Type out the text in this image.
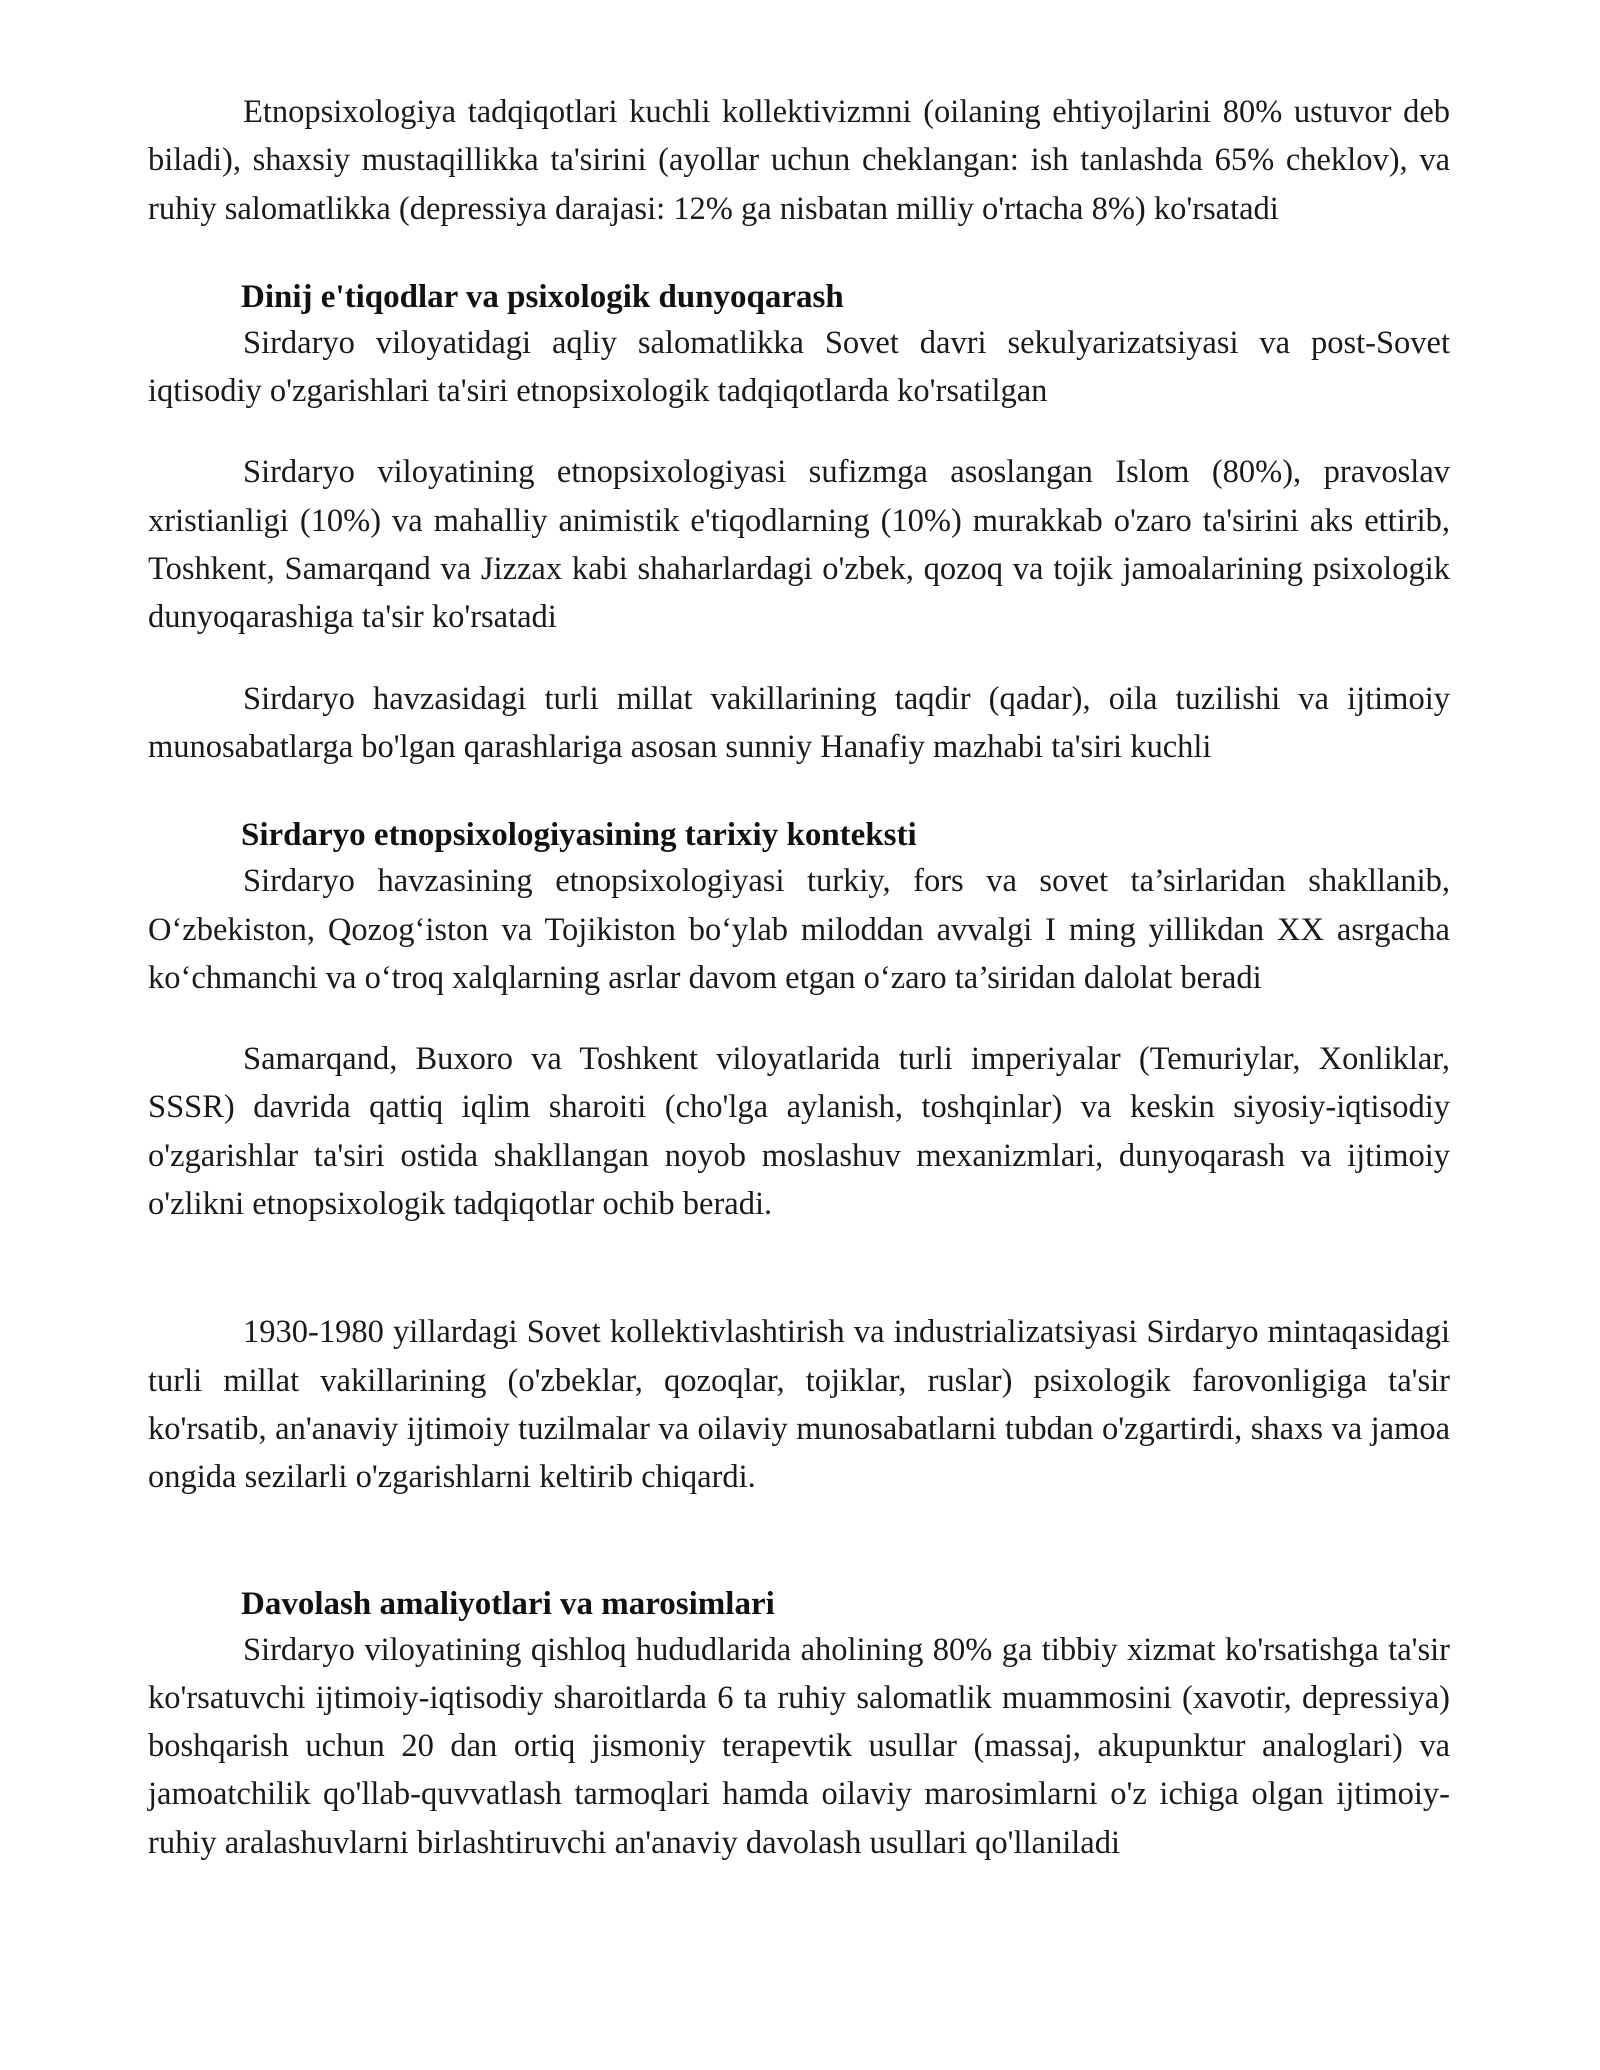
Etnopsixologiya tadqiqotlari kuchli kollektivizmni (oilaning ehtiyojlarini 80% ustuvor deb biladi), shaxsiy mustaqillikka ta'sirini (ayollar uchun cheklangan: ish tanlashda 65% cheklov), va ruhiy salomatlikka (depressiya darajasi: 12% ga nisbatan milliy o'rtacha 8%) ko'rsatadi

Dinij e'tiqodlar va psixologik dunyoqarash

Sirdaryo viloyatidagi aqliy salomatlikka Sovet davri sekulyarizatsiyasi va post-Sovet iqtisodiy o'zgarishlari ta'siri etnopsixologik tadqiqotlarda ko'rsatilgan

Sirdaryo viloyatining etnopsixologiyasi sufizmga asoslangan Islom (80%), pravoslav xristianligi (10%) va mahalliy animistik e'tiqodlarning (10%) murakkab o'zaro ta'sirini aks ettirib, Toshkent, Samarqand va Jizzax kabi shaharlardagi o'zbek, qozoq va tojik jamoalarining psixologik dunyoqarashiga ta'sir ko'rsatadi

Sirdaryo havzasidagi turli millat vakillarining taqdir (qadar), oila tuzilishi va ijtimoiy munosabatlarga bo'lgan qarashlariga asosan sunniy Hanafiy mazhabi ta'siri kuchli

Sirdaryo etnopsixologiyasining tarixiy konteksti

Sirdaryo havzasining etnopsixologiyasi turkiy, fors va sovet ta’sirlaridan shakllanib, O‘zbekiston, Qozog‘iston va Tojikiston bo‘ylab miloddan avvalgi I ming yillikdan XX asrgacha ko‘chmanchi va o‘troq xalqlarning asrlar davom etgan o‘zaro ta’siridan dalolat beradi

Samarqand, Buxoro va Toshkent viloyatlarida turli imperiyalar (Temuriylar, Xonliklar, SSSR) davrida qattiq iqlim sharoiti (cho'lga aylanish, toshqinlar) va keskin siyosiy-iqtisodiy o'zgarishlar ta'siri ostida shakllangan noyob moslashuv mexanizmlari, dunyoqarash va ijtimoiy o'zlikni etnopsixologik tadqiqotlar ochib beradi.

1930-1980 yillardagi Sovet kollektivlashtirish va industrializatsiyasi Sirdaryo mintaqasidagi turli millat vakillarining (o'zbeklar, qozoqlar, tojiklar, ruslar) psixologik farovonligiga ta'sir ko'rsatib, an'anaviy ijtimoiy tuzilmalar va oilaviy munosabatlarni tubdan o'zgartirdi, shaxs va jamoa ongida sezilarli o'zgarishlarni keltirib chiqardi.

Davolash amaliyotlari va marosimlari

Sirdaryo viloyatining qishloq hududlarida aholining 80% ga tibbiy xizmat ko'rsatishga ta'sir ko'rsatuvchi ijtimoiy-iqtisodiy sharoitlarda 6 ta ruhiy salomatlik muammosini (xavotir, depressiya) boshqarish uchun 20 dan ortiq jismoniy terapevtik usullar (massaj, akupunktur analoglari) va jamoatchilik qo'llab-quvvatlash tarmoqlari hamda oilaviy marosimlarni o'z ichiga olgan ijtimoiy-ruhiy aralashuvlarni birlashtiruvchi an'anaviy davolash usullari qo'llaniladi
